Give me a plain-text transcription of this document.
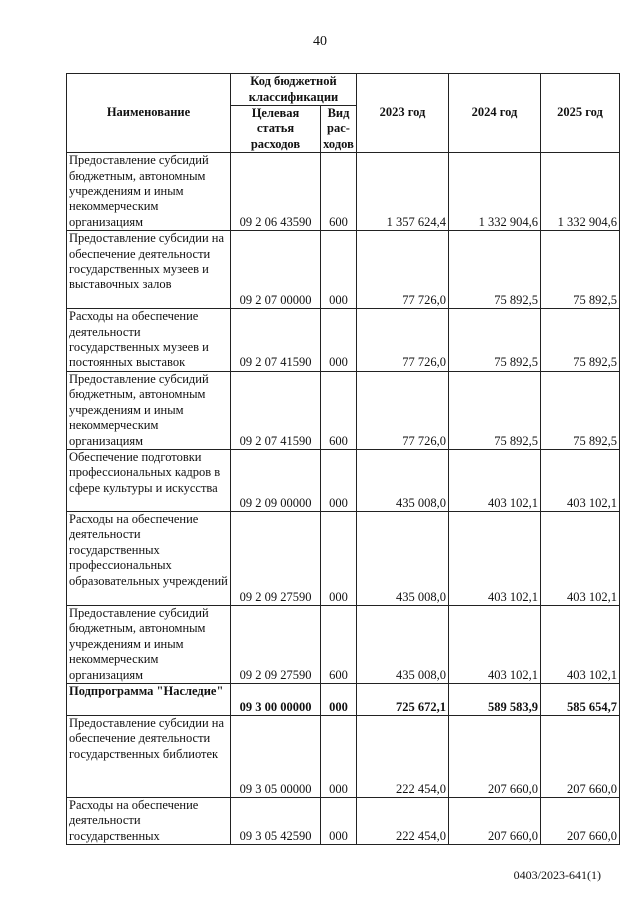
40
Наименование	Код бюджетной классификации		2023 год	2024 год	2025 год
	Целевая статья расходов	Вид рас-ходов			
Предоставление субсидий бюджетным, автономным учреждениям и иным некоммерческим организациям	09 2 06 43590	600	1 357 624,4	1 332 904,6	1 332 904,6
Предоставление субсидии на обеспечение деятельности государственных музеев и выставочных залов	09 2 07 00000	000	77 726,0	75 892,5	75 892,5
Расходы на обеспечение деятельности государственных музеев и постоянных выставок	09 2 07 41590	000	77 726,0	75 892,5	75 892,5
Предоставление субсидий бюджетным, автономным учреждениям и иным некоммерческим организациям	09 2 07 41590	600	77 726,0	75 892,5	75 892,5
Обеспечение подготовки профессиональных кадров в сфере культуры и искусства	09 2 09 00000	000	435 008,0	403 102,1	403 102,1
Расходы на обеспечение деятельности государственных профессиональных образовательных учреждений	09 2 09 27590	000	435 008,0	403 102,1	403 102,1
Предоставление субсидий бюджетным, автономным учреждениям и иным некоммерческим организациям	09 2 09 27590	600	435 008,0	403 102,1	403 102,1
Подпрограмма "Наследие"	09 3 00 00000	000	725 672,1	589 583,9	585 654,7
Предоставление субсидии на обеспечение деятельности государственных библиотек	09 3 05 00000	000	222 454,0	207 660,0	207 660,0
Расходы на обеспечение деятельности государственных	09 3 05 42590	000	222 454,0	207 660,0	207 660,0
0403/2023-641(1)
